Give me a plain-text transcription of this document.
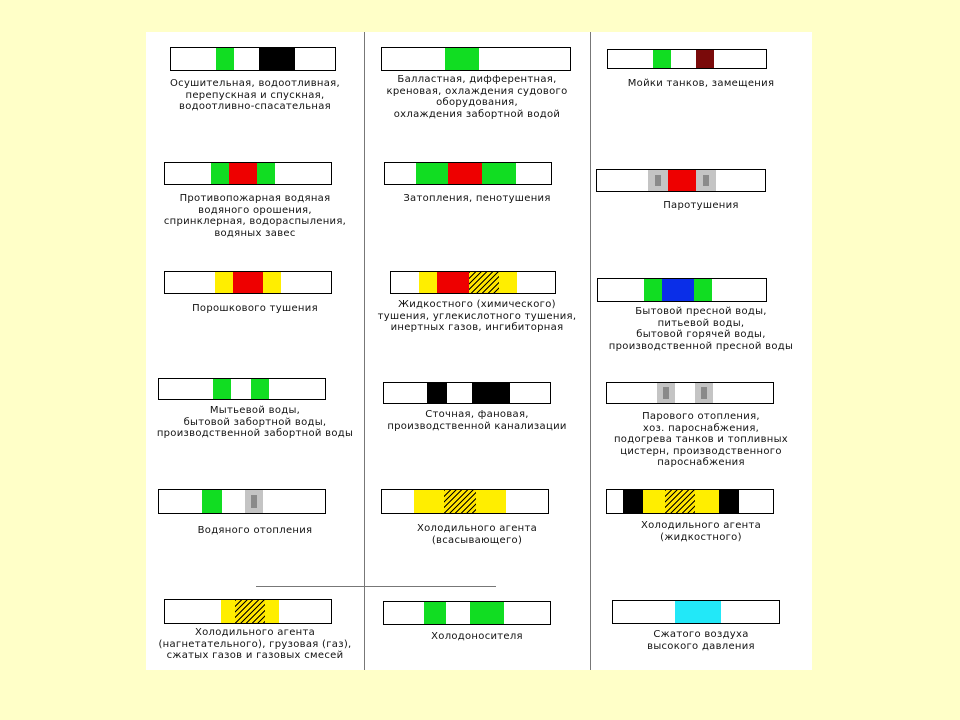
Осушительная, водоотливная,
перепускная и спускная,
водоотливно-спасательная
Балластная, дифферентная,
креновая, охлаждения судового
оборудования,
охлаждения забортной водой
Мойки танков, замещения
Противопожарная водяная
водяного орошения,
спринклерная, водораспыления,
водяных завес
Затопления, пенотушения
Паротушения
Порошкового тушения	Жидкостного (химического)
тушения, углекислотного тушения,
инертных газов, ингибиторная
Бытовой пресной воды,
питьевой воды,
бытовой горячей воды,
производственной пресной воды
Мытьевой воды,
бытовой забортной воды,
производственной забортной воды
Сточная, фановая,
производственной канализации
Парового отопления,
хоз. пароснабжения,
подогрева танков и топливных
цистерн, производственного
пароснабжения
Водяного отопления	Холодильного агента
(всасывающего)
Холодильного агента
(жидкостного)
Холодильного агента
(нагнетательного), грузовая (газ),
сжатых газов и газовых смесей
Холодоносителя	Сжатого воздуха
высокого давления
